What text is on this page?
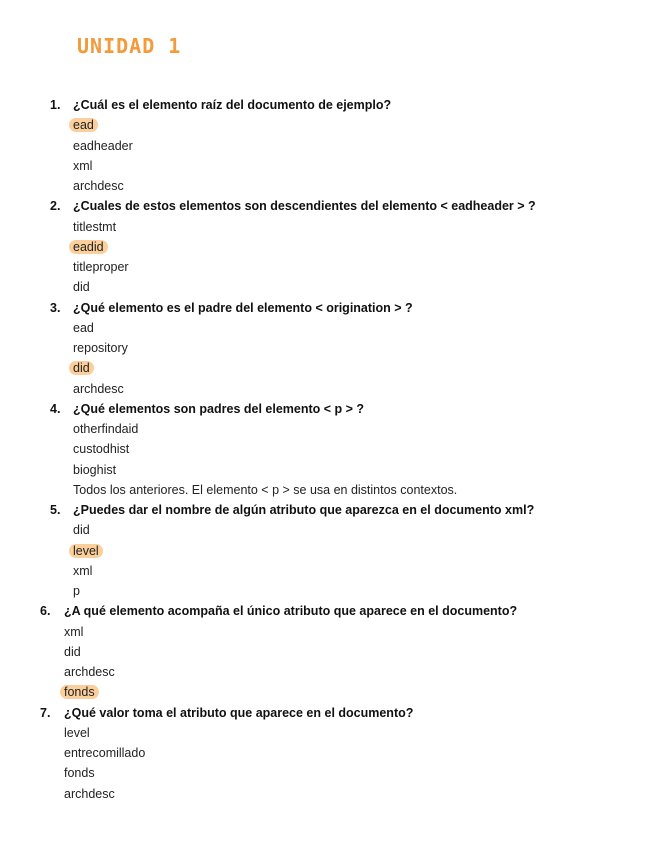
UNIDAD 1
1. ¿Cuál es el elemento raíz del documento de ejemplo?
ead
eadheader
xml
archdesc
2. ¿Cuales de estos elementos son descendientes del elemento < eadheader > ?
titlestmt
eadid
titleproper
did
3. ¿Qué elemento es el padre del elemento < origination > ?
ead
repository
did
archdesc
4. ¿Qué elementos son padres del elemento < p > ?
otherfindaid
custodhist
bioghist
Todos los anteriores. El elemento < p > se usa en distintos contextos.
5. ¿Puedes dar el nombre de algún atributo que aparezca en el documento xml?
did
level
xml
p
6. ¿A qué elemento acompaña el único atributo que aparece en el documento?
xml
did
archdesc
fonds
7. ¿Qué valor toma el atributo que aparece en el documento?
level
entrecomillado
fonds
archdesc
